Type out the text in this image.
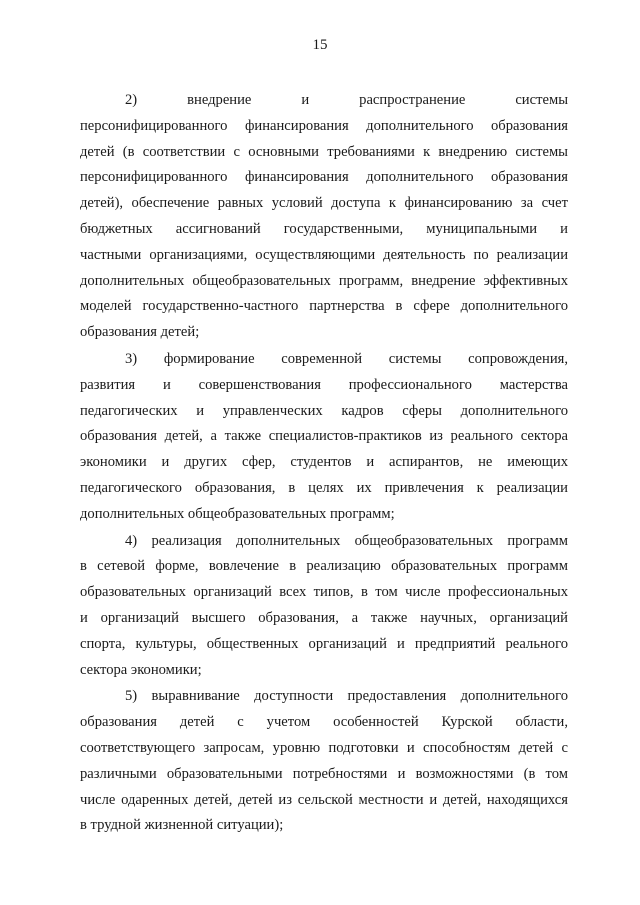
15

2) внедрение и распространение системы
персонифицированного финансирования дополнительного образования
детей (в соответствии с основными требованиями к внедрению системы
персонифицированного финансирования дополнительного образования
детей), обеспечение равных условий доступа к финансированию за счет
бюджетных ассигнований государственными, муниципальными и
частными организациями, осуществляющими деятельность по реализации
дополнительных общеобразовательных программ, внедрение эффективных
моделей государственно-частного партнерства в сфере дополнительного
образования детей;

3) формирование современной системы сопровождения,
развития и совершенствования профессионального мастерства
педагогических и управленческих кадров сферы дополнительного
образования детей, а также специалистов-практиков из реального сектора
экономики и других сфер, студентов и аспирантов, не имеющих
педагогического образования, в целях их привлечения к реализации
дополнительных общеобразовательных программ;

4) реализация дополнительных общеобразовательных программ
в сетевой форме, вовлечение в реализацию образовательных программ
образовательных организаций всех типов, в том числе профессиональных
и организаций высшего образования, а также научных, организаций
спорта, культуры, общественных организаций и предприятий реального
сектора экономики;

5) выравнивание доступности предоставления дополнительного
образования детей с учетом особенностей Курской области,
соответствующего запросам, уровню подготовки и способностям детей с
различными образовательными потребностями и возможностями (в том
числе одаренных детей, детей из сельской местности и детей, находящихся
в трудной жизненной ситуации);
